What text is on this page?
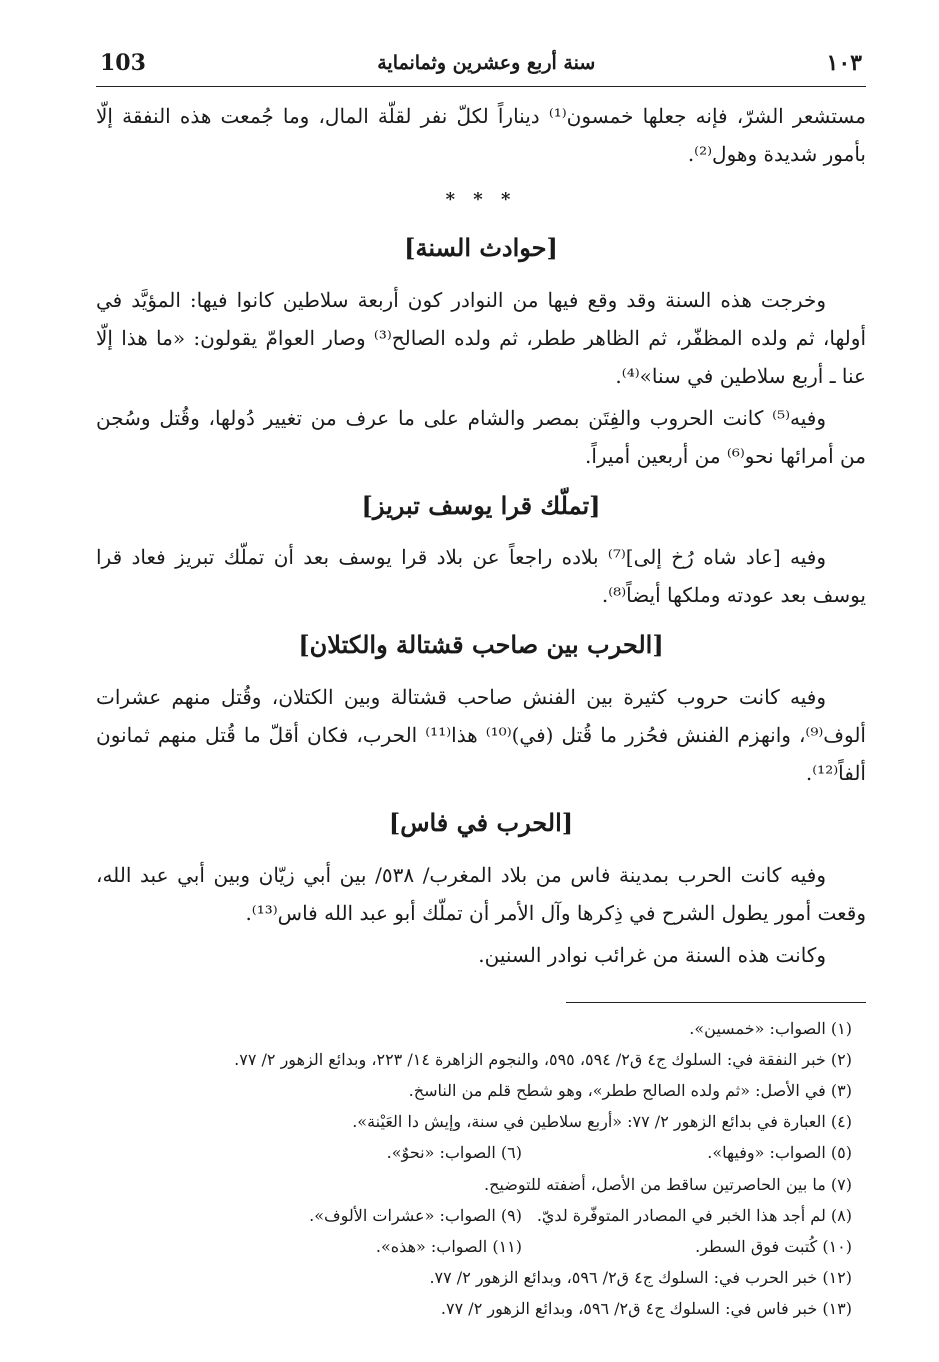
١٠٣
سنة أربع وعشرين وثمانماية
103

مستشعر الشرّ، فإنه جعلها خمسون⁽¹⁾ ديناراً لكلّ نفر لقلّة المال، وما جُمعت هذه النفقة إلّا بأمور شديدة وهول⁽²⁾.

* * *
[حوادث السنة]

وخرجت هذه السنة وقد وقع فيها من النوادر كون أربعة سلاطين كانوا فيها: المؤيَّد في أولها، ثم ولده المظفّر، ثم الظاهر ططر، ثم ولده الصالح⁽³⁾ وصار العوامّ يقولون: «ما هذا إلّا عنا ـ أربع سلاطين في سنا»⁽⁴⁾.

وفيه⁽⁵⁾ كانت الحروب والفِتَن بمصر والشام على ما عرف من تغيير دُولها، وقُتل وسُجن من أمرائها نحو⁽⁶⁾ من أربعين أميراً.

[تملّك قرا يوسف تبريز]

وفيه [عاد شاه رُخ إلى]⁽⁷⁾ بلاده راجعاً عن بلاد قرا يوسف بعد أن تملّك تبريز فعاد قرا يوسف بعد عودته وملكها أيضاً⁽⁸⁾.

[الحرب بين صاحب قشتالة والكتلان]

وفيه كانت حروب كثيرة بين الفنش صاحب قشتالة وبين الكتلان، وقُتل منهم عشرات ألوف⁽⁹⁾، وانهزم الفنش فحُزر ما قُتل (في)⁽¹⁰⁾ هذا⁽¹¹⁾ الحرب، فكان أقلّ ما قُتل منهم ثمانون ألفاً⁽¹²⁾.

[الحرب في فاس]

وفيه كانت الحرب بمدينة فاس من بلاد المغرب/ ٥٣٨/ بين أبي زيّان وبين أبي عبد الله، وقعت أمور يطول الشرح في ذِكرها وآل الأمر أن تملّك أبو عبد الله فاس⁽¹³⁾.

وكانت هذه السنة من غرائب نوادر السنين.

(١) الصواب: «خمسين».

(٢) خبر النفقة في: السلوك ج٤ ق٢/ ٥٩٤، ٥٩٥، والنجوم الزاهرة ١٤/ ٢٢٣، وبدائع الزهور ٢/ ٧٧.

(٣) في الأصل: «ثم ولده الصالح ططر»، وهو شطح قلم من الناسخ.

(٤) العبارة في بدائع الزهور ٢/ ٧٧: «أربع سلاطين في سنة، وإيش دا العَيْنة».

(٥) الصواب: «وفيها».

(٦) الصواب: «نحوٌ».

(٧) ما بين الحاصرتين ساقط من الأصل، أضفته للتوضيح.

(٨) لم أجد هذا الخبر في المصادر المتوفّرة لديّ.

(٩) الصواب: «عشرات الألوف».

(١٠) كُتبت فوق السطر.

(١١) الصواب: «هذه».

(١٢) خبر الحرب في: السلوك ج٤ ق٢/ ٥٩٦، وبدائع الزهور ٢/ ٧٧.

(١٣) خبر فاس في: السلوك ج٤ ق٢/ ٥٩٦، وبدائع الزهور ٢/ ٧٧.
